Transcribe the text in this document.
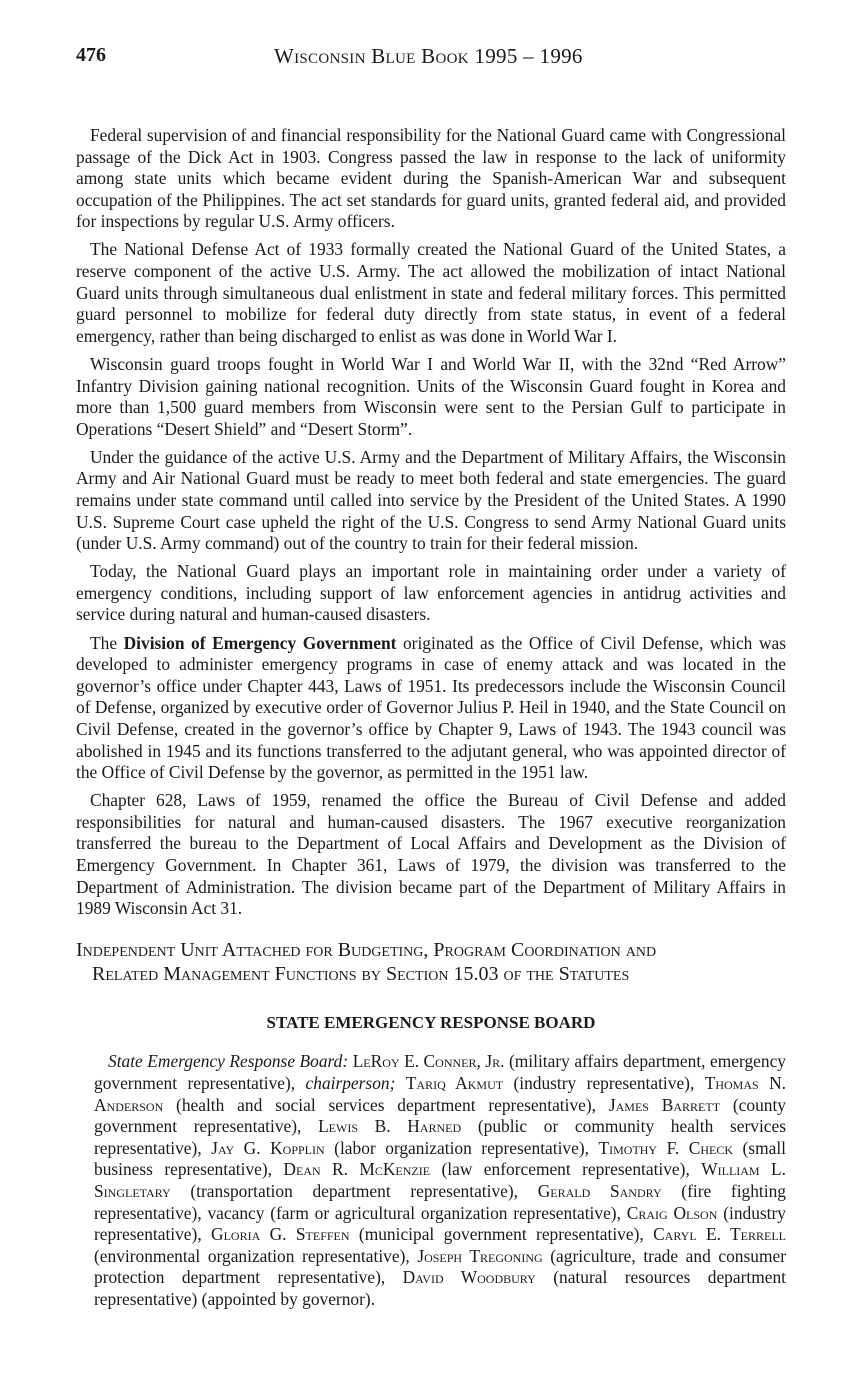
476	Wisconsin Blue Book 1995 – 1996

Federal supervision of and financial responsibility for the National Guard came with Congressional passage of the Dick Act in 1903. Congress passed the law in response to the lack of uniformity among state units which became evident during the Spanish-American War and subsequent occupation of the Philippines. The act set standards for guard units, granted federal aid, and provided for inspections by regular U.S. Army officers.

The National Defense Act of 1933 formally created the National Guard of the United States, a reserve component of the active U.S. Army. The act allowed the mobilization of intact National Guard units through simultaneous dual enlistment in state and federal military forces. This permitted guard personnel to mobilize for federal duty directly from state status, in event of a federal emergency, rather than being discharged to enlist as was done in World War I.

Wisconsin guard troops fought in World War I and World War II, with the 32nd “Red Arrow” Infantry Division gaining national recognition. Units of the Wisconsin Guard fought in Korea and more than 1,500 guard members from Wisconsin were sent to the Persian Gulf to participate in Operations “Desert Shield” and “Desert Storm”.

Under the guidance of the active U.S. Army and the Department of Military Affairs, the Wisconsin Army and Air National Guard must be ready to meet both federal and state emergencies. The guard remains under state command until called into service by the President of the United States. A 1990 U.S. Supreme Court case upheld the right of the U.S. Congress to send Army National Guard units (under U.S. Army command) out of the country to train for their federal mission.

Today, the National Guard plays an important role in maintaining order under a variety of emergency conditions, including support of law enforcement agencies in antidrug activities and service during natural and human-caused disasters.

The Division of Emergency Government originated as the Office of Civil Defense, which was developed to administer emergency programs in case of enemy attack and was located in the governor’s office under Chapter 443, Laws of 1951. Its predecessors include the Wisconsin Council of Defense, organized by executive order of Governor Julius P. Heil in 1940, and the State Council on Civil Defense, created in the governor’s office by Chapter 9, Laws of 1943. The 1943 council was abolished in 1945 and its functions transferred to the adjutant general, who was appointed director of the Office of Civil Defense by the governor, as permitted in the 1951 law.

Chapter 628, Laws of 1959, renamed the office the Bureau of Civil Defense and added responsibilities for natural and human-caused disasters. The 1967 executive reorganization transferred the bureau to the Department of Local Affairs and Development as the Division of Emergency Government. In Chapter 361, Laws of 1979, the division was transferred to the Department of Administration. The division became part of the Department of Military Affairs in 1989 Wisconsin Act 31.

Independent Unit Attached for Budgeting, Program Coordination and
Related Management Functions by Section 15.03 of the Statutes
STATE EMERGENCY RESPONSE BOARD

State Emergency Response Board: LeRoy E. Conner, Jr. (military affairs department, emergency government representative), chairperson; Tariq Akmut (industry representative), Thomas N. Anderson (health and social services department representative), James Barrett (county government representative), Lewis B. Harned (public or community health services representative), Jay G. Kopplin (labor organization representative), Timothy F. Check (small business representative), Dean R. McKenzie (law enforcement representative), William L. Singletary (transportation department representative), Gerald Sandry (fire fighting representative), vacancy (farm or agricultural organization representative), Craig Olson (industry representative), Gloria G. Steffen (municipal government representative), Caryl E. Terrell (environmental organization representative), Joseph Tregoning (agriculture, trade and consumer protection department representative), David Woodbury (natural resources department representative) (appointed by governor).
